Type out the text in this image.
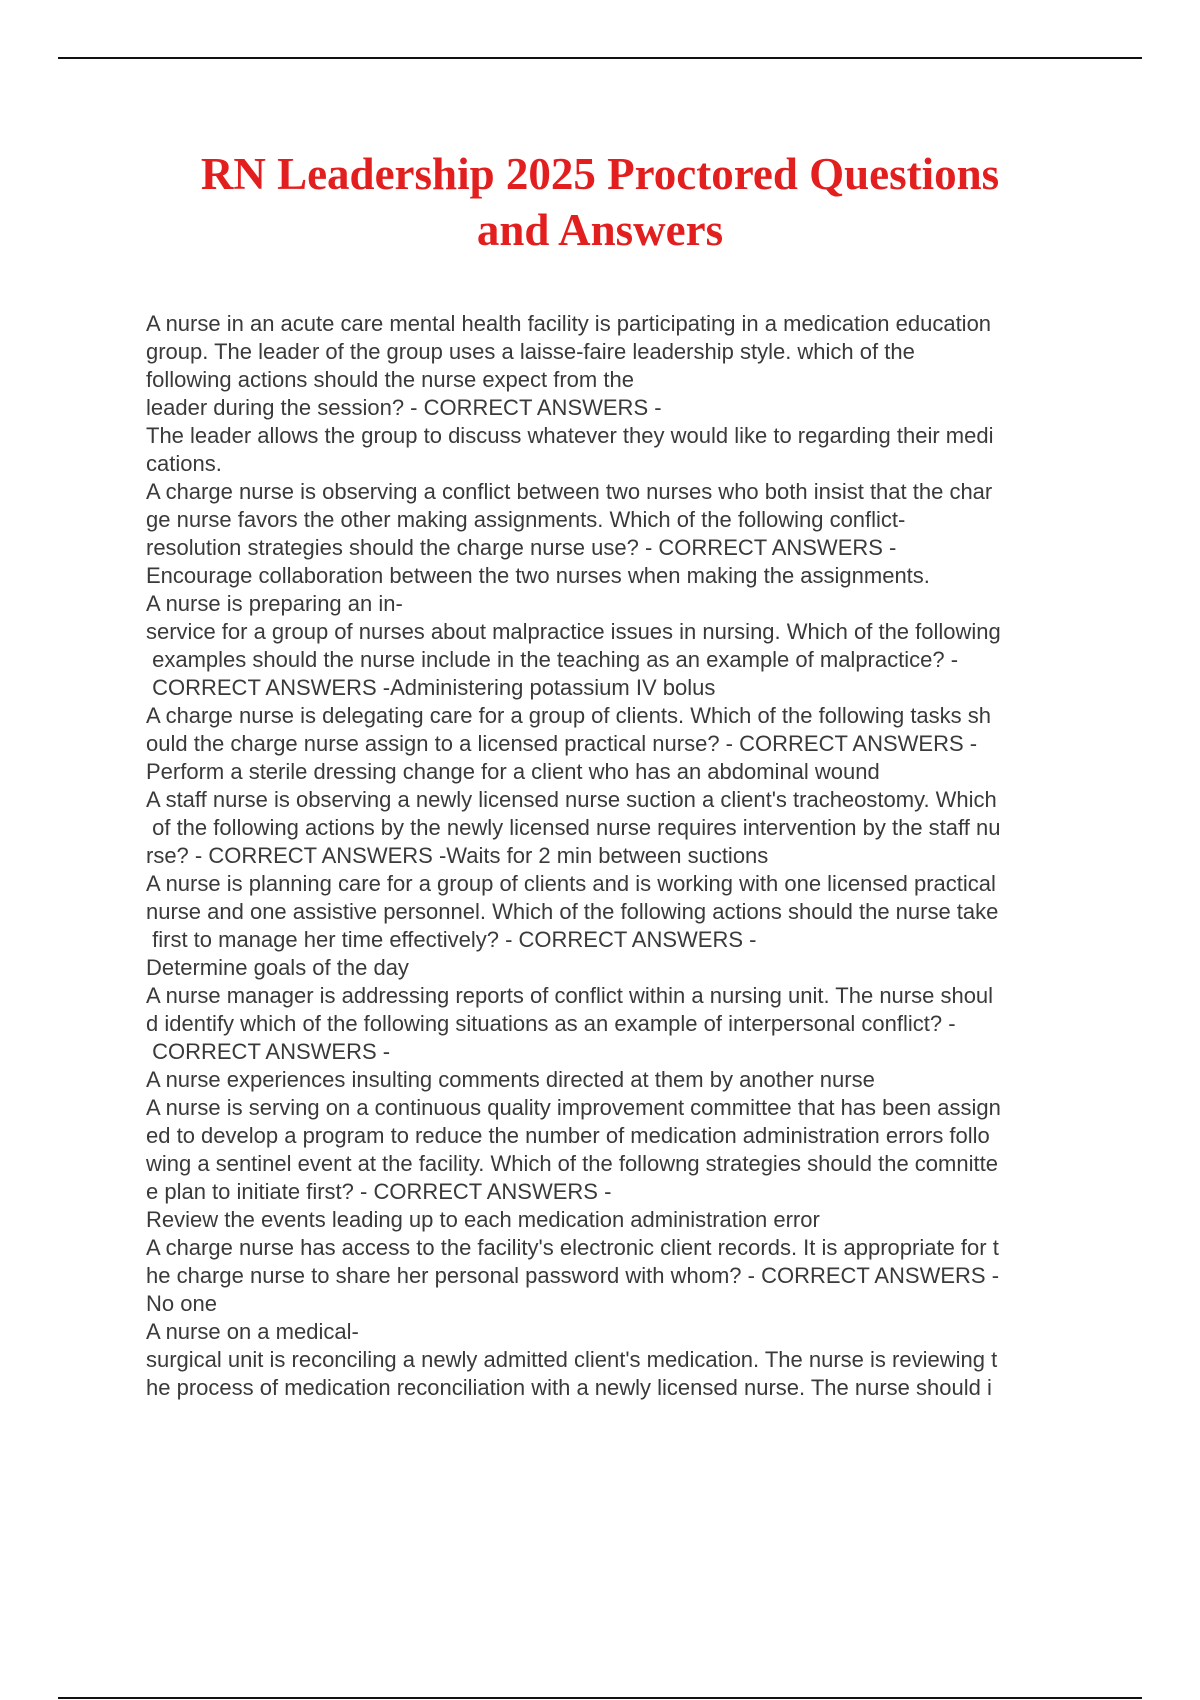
RN Leadership 2025 Proctored Questions
and Answers
A nurse in an acute care mental health facility is participating in a medication education
group. The leader of the group uses a laisse-faire leadership style. which of the
following actions should the nurse expect from the
leader during the session? - CORRECT ANSWERS -
The leader allows the group to discuss whatever they would like to regarding their medi
cations.
A charge nurse is observing a conflict between two nurses who both insist that the char
ge nurse favors the other making assignments. Which of the following conflict-
resolution strategies should the charge nurse use? - CORRECT ANSWERS -
Encourage collaboration between the two nurses when making the assignments.
A nurse is preparing an in-
service for a group of nurses about malpractice issues in nursing. Which of the following
examples should the nurse include in the teaching as an example of malpractice? -
CORRECT ANSWERS -Administering potassium IV bolus
A charge nurse is delegating care for a group of clients. Which of the following tasks sh
ould the charge nurse assign to a licensed practical nurse? - CORRECT ANSWERS -
Perform a sterile dressing change for a client who has an abdominal wound
A staff nurse is observing a newly licensed nurse suction a client's tracheostomy. Which
of the following actions by the newly licensed nurse requires intervention by the staff nu
rse? - CORRECT ANSWERS -Waits for 2 min between suctions
A nurse is planning care for a group of clients and is working with one licensed practical
nurse and one assistive personnel. Which of the following actions should the nurse take
first to manage her time effectively? - CORRECT ANSWERS -
Determine goals of the day
A nurse manager is addressing reports of conflict within a nursing unit. The nurse shoul
d identify which of the following situations as an example of interpersonal conflict? -
CORRECT ANSWERS -
A nurse experiences insulting comments directed at them by another nurse
A nurse is serving on a continuous quality improvement committee that has been assign
ed to develop a program to reduce the number of medication administration errors follo
wing a sentinel event at the facility. Which of the followng strategies should the comnitte
e plan to initiate first? - CORRECT ANSWERS -
Review the events leading up to each medication administration error
A charge nurse has access to the facility's electronic client records. It is appropriate for t
he charge nurse to share her personal password with whom? - CORRECT ANSWERS -
No one
A nurse on a medical-
surgical unit is reconciling a newly admitted client's medication. The nurse is reviewing t
he process of medication reconciliation with a newly licensed nurse. The nurse should i
